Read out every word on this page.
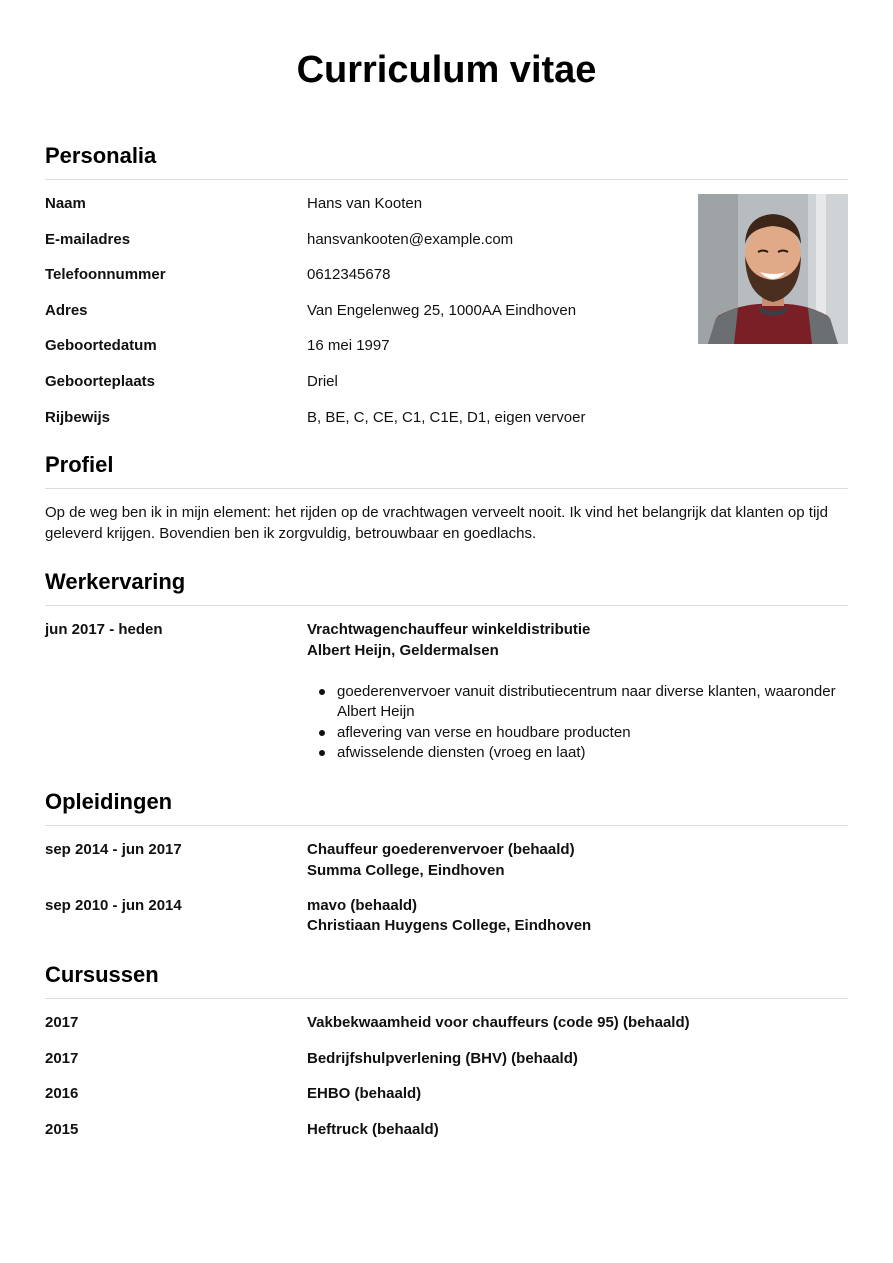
Curriculum vitae
Personalia
Naam	Hans van Kooten
E-mailadres	hansvankooten@example.com
Telefoonnummer	0612345678
Adres	Van Engelenweg 25, 1000AA Eindhoven
Geboortedatum	16 mei 1997
Geboorteplaats	Driel
Rijbewijs	B, BE, C, CE, C1, C1E, D1, eigen vervoer
Profiel
Op de weg ben ik in mijn element: het rijden op de vrachtwagen verveelt nooit. Ik vind het belangrijk dat klanten op tijd geleverd krijgen. Bovendien ben ik zorgvuldig, betrouwbaar en goedlachs.
Werkervaring
jun 2017 - heden	Vrachtwagenchauffeur winkeldistributie
Albert Heijn, Geldermalsen
goederenvervoer vanuit distributiecentrum naar diverse klanten, waaronder Albert Heijn
aflevering van verse en houdbare producten
afwisselende diensten (vroeg en laat)
Opleidingen
sep 2014 - jun 2017	Chauffeur goederenvervoer (behaald)
Summa College, Eindhoven
sep 2010 - jun 2014	mavo (behaald)
Christiaan Huygens College, Eindhoven
Cursussen
2017	Vakbekwaamheid voor chauffeurs (code 95) (behaald)
2017	Bedrijfshulpverlening (BHV) (behaald)
2016	EHBO (behaald)
2015	Heftruck (behaald)
